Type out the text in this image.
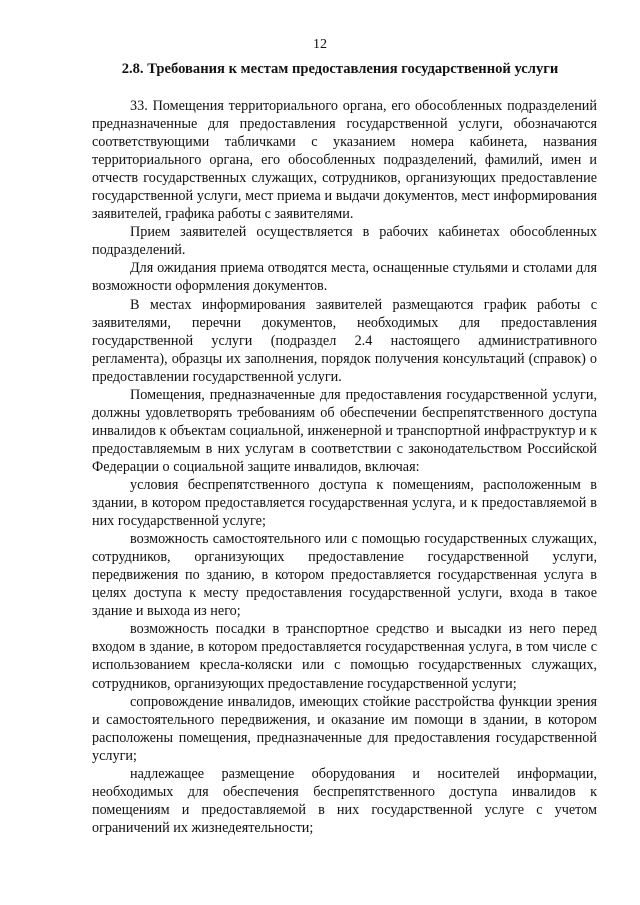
12
2.8. Требования к местам предоставления государственной услуги

33. Помещения территориального органа, его обособленных подразделений предназначенные для предоставления государственной услуги, обозначаются соответствующими табличками с указанием номера кабинета, названия территориального органа, его обособленных подразделений, фамилий, имен и отчеств государственных служащих, сотрудников, организующих предоставление государственной услуги, мест приема и выдачи документов, мест информирования заявителей, графика работы с заявителями.

Прием заявителей осуществляется в рабочих кабинетах обособленных подразделений.

Для ожидания приема отводятся места, оснащенные стульями и столами для возможности оформления документов.

В местах информирования заявителей размещаются график работы с заявителями, перечни документов, необходимых для предоставления государственной услуги (подраздел 2.4 настоящего административного регламента), образцы их заполнения, порядок получения консультаций (справок) о предоставлении государственной услуги.

Помещения, предназначенные для предоставления государственной услуги, должны удовлетворять требованиям об обеспечении беспрепятственного доступа инвалидов к объектам социальной, инженерной и транспортной инфраструктур и к предоставляемым в них услугам в соответствии с законодательством Российской Федерации о социальной защите инвалидов, включая:

условия беспрепятственного доступа к помещениям, расположенным в здании, в котором предоставляется государственная услуга, и к предоставляемой в них государственной услуге;

возможность самостоятельного или с помощью государственных служащих, сотрудников, организующих предоставление государственной услуги, передвижения по зданию, в котором предоставляется государственная услуга в целях доступа к месту предоставления государственной услуги, входа в такое здание и выхода из него;

возможность посадки в транспортное средство и высадки из него перед входом в здание, в котором предоставляется государственная услуга, в том числе с использованием кресла-коляски или с помощью государственных служащих, сотрудников, организующих предоставление государственной услуги;

сопровождение инвалидов, имеющих стойкие расстройства функции зрения и самостоятельного передвижения, и оказание им помощи в здании, в котором расположены помещения, предназначенные для предоставления государственной услуги;

надлежащее размещение оборудования и носителей информации, необходимых для обеспечения беспрепятственного доступа инвалидов к помещениям и предоставляемой в них государственной услуге с учетом ограничений их жизнедеятельности;
